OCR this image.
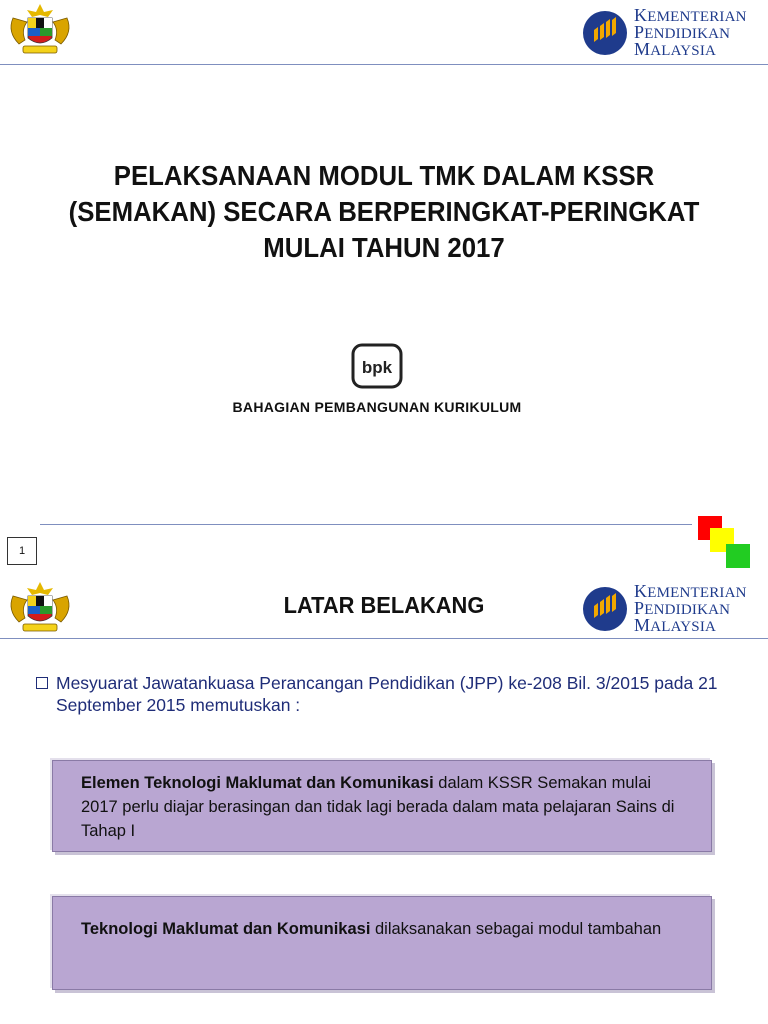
KEMENTERIAN
PENDIDIKAN
MALAYSIA
PELAKSANAAN MODUL TMK DALAM KSSR (SEMAKAN) SECARA BERPERINGKAT-PERINGKAT MULAI TAHUN 2017
bpk
BAHAGIAN PEMBANGUNAN KURIKULUM
1
LATAR BELAKANG
KEMENTERIAN
PENDIDIKAN
MALAYSIA
Mesyuarat Jawatankuasa Perancangan Pendidikan (JPP) ke-208 Bil. 3/2015 pada 21 September 2015 memutuskan :
Elemen Teknologi Maklumat dan Komunikasi dalam KSSR Semakan mulai 2017 perlu diajar berasingan dan tidak lagi berada dalam mata pelajaran Sains di Tahap I
Teknologi Maklumat dan Komunikasi dilaksanakan sebagai modul tambahan
